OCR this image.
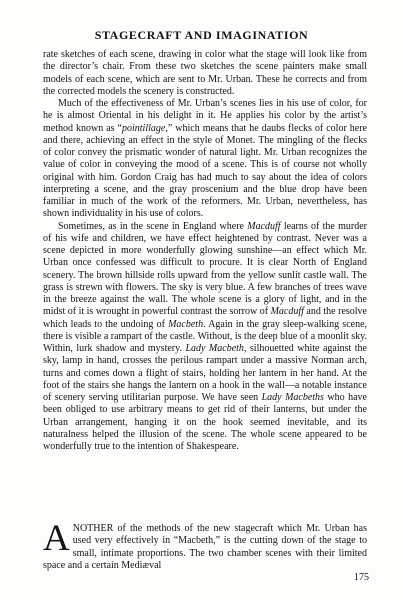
STAGECRAFT AND IMAGINATION

rate sketches of each scene, drawing in color what the stage will look like from the director’s chair. From these two sketches the scene painters make small models of each scene, which are sent to Mr. Urban. These he corrects and from the corrected models the scenery is constructed.

Much of the effectiveness of Mr. Urban’s scenes lies in his use of color, for he is almost Oriental in his delight in it. He applies his color by the artist’s method known as “pointillage,” which means that he daubs flecks of color here and there, achieving an effect in the style of Monet. The mingling of the flecks of color convey the prismatic wonder of natural light. Mr. Urban recognizes the value of color in conveying the mood of a scene. This is of course not wholly original with him. Gordon Craig has had much to say about the idea of colors interpreting a scene, and the gray proscenium and the blue drop have been familiar in much of the work of the reformers. Mr. Urban, nevertheless, has shown individuality in his use of colors.

Sometimes, as in the scene in England where Macduff learns of the murder of his wife and children, we have effect heightened by contrast. Never was a scene depicted in more wonderfully glowing sunshine—an effect which Mr. Urban once confessed was difficult to procure. It is clear North of England scenery. The brown hillside rolls upward from the yellow sunlit castle wall. The grass is strewn with flowers. The sky is very blue. A few branches of trees wave in the breeze against the wall. The whole scene is a glory of light, and in the midst of it is wrought in powerful contrast the sorrow of Macduff and the resolve which leads to the undoing of Macbeth. Again in the gray sleep-walking scene, there is visible a rampart of the castle. Without, is the deep blue of a moonlit sky. Within, lurk shadow and mystery. Lady Macbeth, silhouetted white against the sky, lamp in hand, crosses the perilous rampart under a massive Norman arch, turns and comes down a flight of stairs, holding her lantern in her hand. At the foot of the stairs she hangs the lantern on a hook in the wall—a notable instance of scenery serving utilitarian purpose. We have seen Lady Macbeths who have been obliged to use arbitrary means to get rid of their lanterns, but under the Urban arrangement, hanging it on the hook seemed inevitable, and its naturalness helped the illusion of the scene. The whole scene appeared to be wonderfully true to the intention of Shakespeare.

A NOTHER of the methods of the new stagecraft which Mr. Urban has used very effectively in “Macbeth,” is the cutting down of the stage to small, intimate proportions. The two chamber scenes with their limited space and a certain Mediæval

175
